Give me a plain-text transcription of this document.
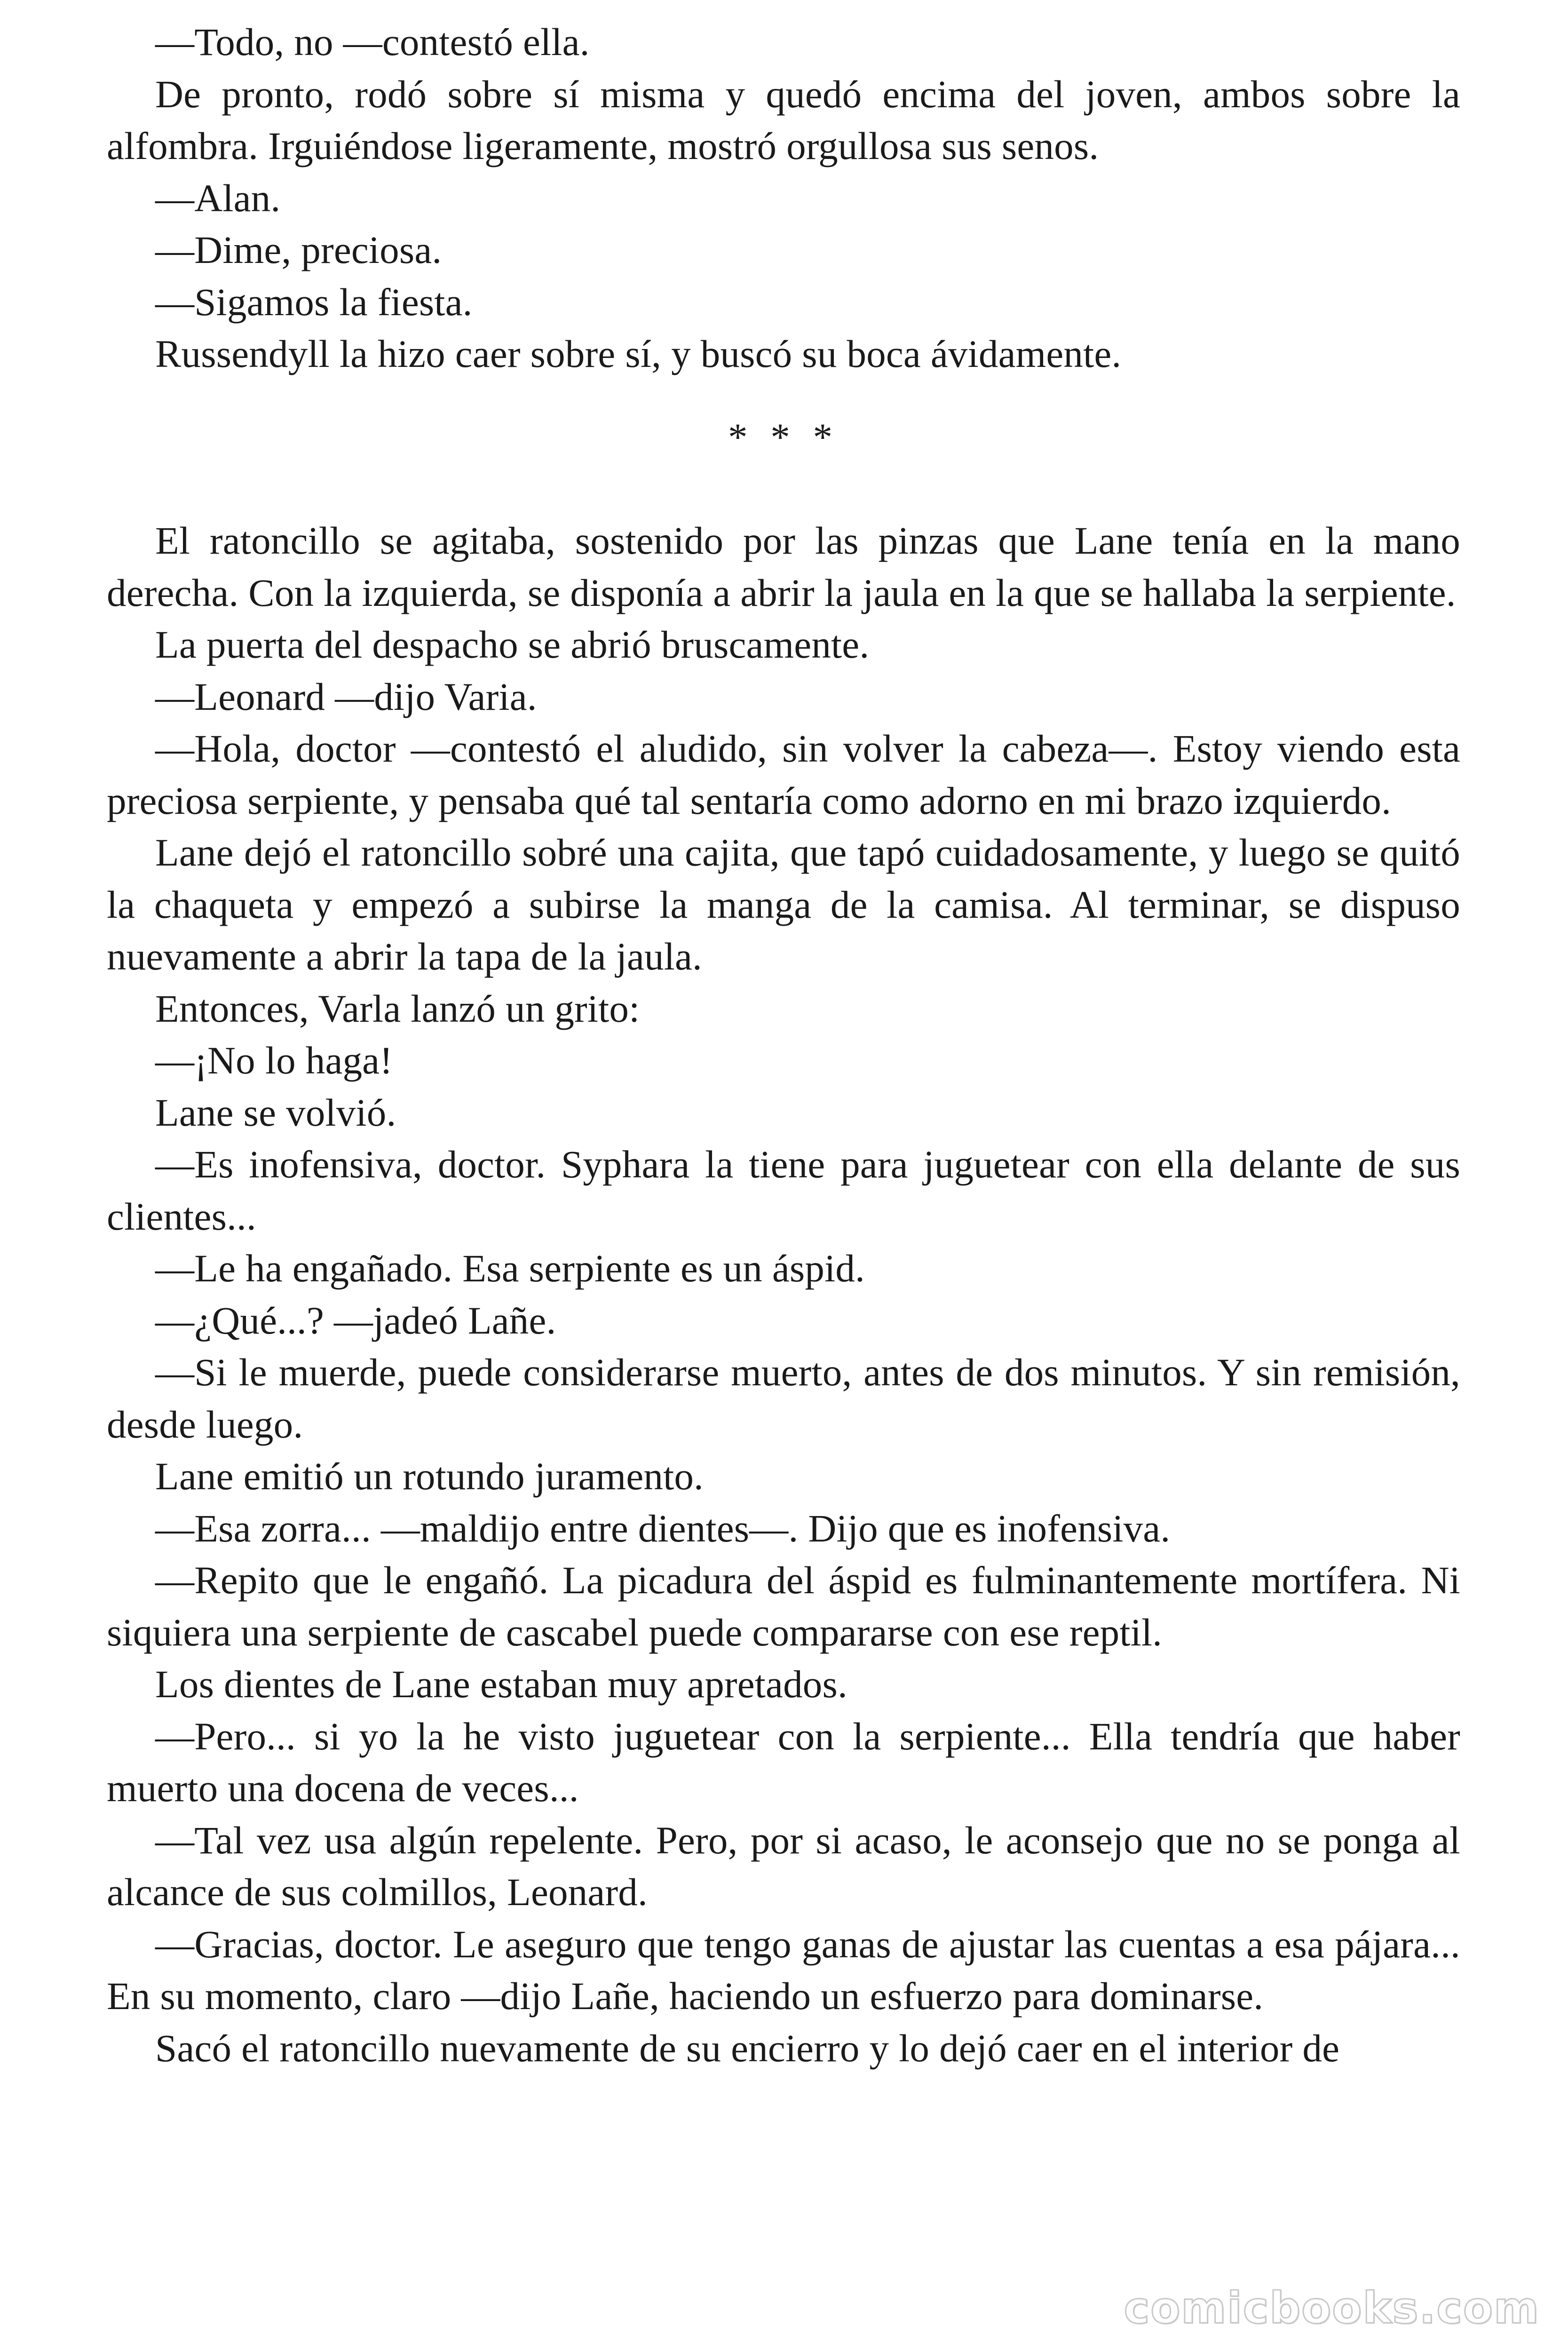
—Todo, no —contestó ella.

De pronto, rodó sobre sí misma y quedó encima del joven, ambos sobre la alfombra. Irguiéndose ligeramente, mostró orgullosa sus senos.

—Alan.

—Dime, preciosa.

—Sigamos la fiesta.

Russendyll la hizo caer sobre sí, y buscó su boca ávidamente.

* * *

El ratoncillo se agitaba, sostenido por las pinzas que Lane tenía en la mano derecha. Con la izquierda, se disponía a abrir la jaula en la que se hallaba la serpiente.

La puerta del despacho se abrió bruscamente.

—Leonard —dijo Varia.

—Hola, doctor —contestó el aludido, sin volver la cabeza—. Estoy viendo esta preciosa serpiente, y pensaba qué tal sentaría como adorno en mi brazo izquierdo.

Lane dejó el ratoncillo sobré una cajita, que tapó cuidadosamente, y luego se quitó la chaqueta y empezó a subirse la manga de la camisa. Al terminar, se dispuso nuevamente a abrir la tapa de la jaula.

Entonces, Varla lanzó un grito:

—¡No lo haga!

Lane se volvió.

—Es inofensiva, doctor. Syphara la tiene para juguetear con ella delante de sus clientes...

—Le ha engañado. Esa serpiente es un áspid.

—¿Qué...? —jadeó Lañe.

—Si le muerde, puede considerarse muerto, antes de dos minutos. Y sin remisión, desde luego.

Lane emitió un rotundo juramento.

—Esa zorra... —maldijo entre dientes—. Dijo que es inofensiva.

—Repito que le engañó. La picadura del áspid es fulminantemente mortífera. Ni siquiera una serpiente de cascabel puede compararse con ese reptil.

Los dientes de Lane estaban muy apretados.

—Pero... si yo la he visto juguetear con la serpiente... Ella tendría que haber muerto una docena de veces...

—Tal vez usa algún repelente. Pero, por si acaso, le aconsejo que no se ponga al alcance de sus colmillos, Leonard.

—Gracias, doctor. Le aseguro que tengo ganas de ajustar las cuentas a esa pájara... En su momento, claro —dijo Lañe, haciendo un esfuerzo para dominarse.

Sacó el ratoncillo nuevamente de su encierro y lo dejó caer en el interior de

comicbooks.com
